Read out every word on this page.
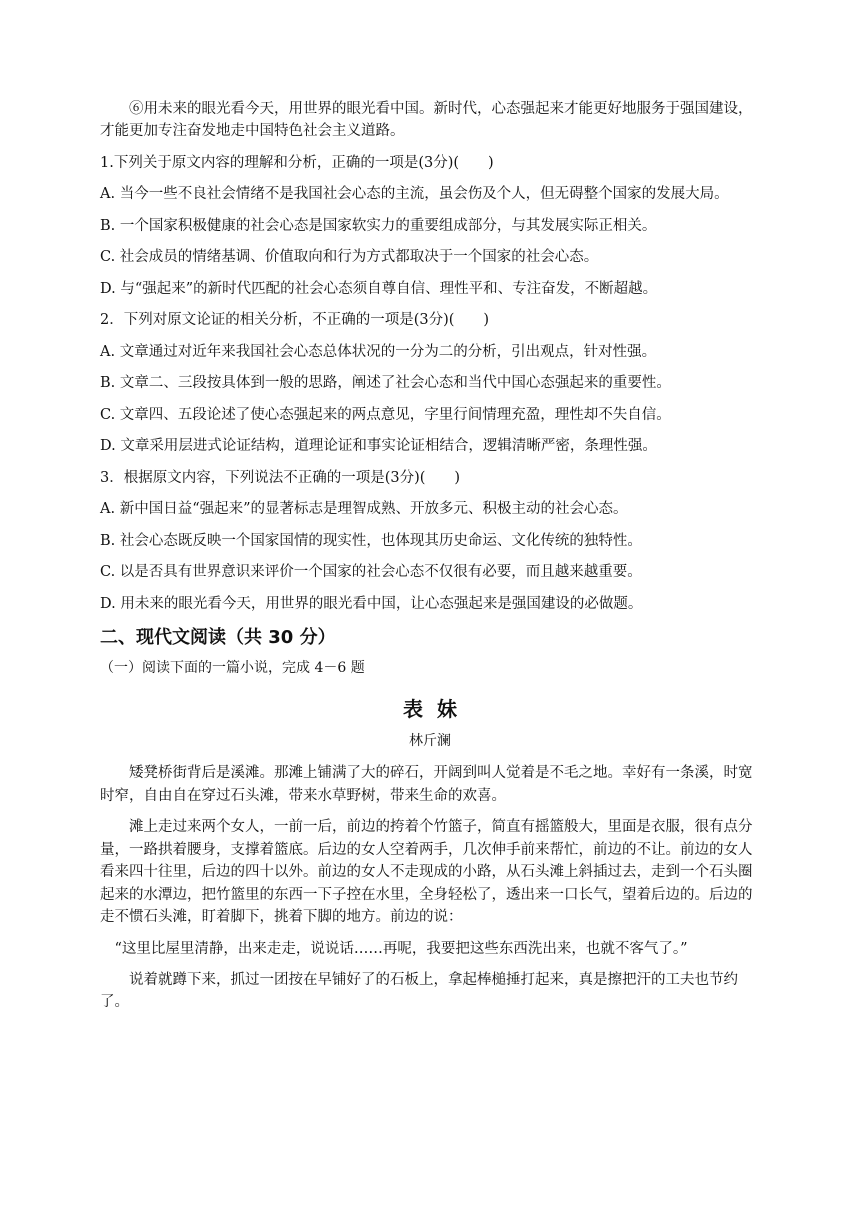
⑥用未来的眼光看今天，用世界的眼光看中国。新时代，心态强起来才能更好地服务于强国建设，才能更加专注奋发地走中国特色社会主义道路。

1.下列关于原文内容的理解和分析，正确的一项是(3分)(　　)

A. 当今一些不良社会情绪不是我国社会心态的主流，虽会伤及个人，但无碍整个国家的发展大局。

B. 一个国家积极健康的社会心态是国家软实力的重要组成部分，与其发展实际正相关。

C. 社会成员的情绪基调、价值取向和行为方式都取决于一个国家的社会心态。

D. 与“强起来”的新时代匹配的社会心态须自尊自信、理性平和、专注奋发，不断超越。

2．下列对原文论证的相关分析，不正确的一项是(3分)(　　)

A. 文章通过对近年来我国社会心态总体状况的一分为二的分析，引出观点，针对性强。

B. 文章二、三段按具体到一般的思路，阐述了社会心态和当代中国心态强起来的重要性。

C. 文章四、五段论述了使心态强起来的两点意见，字里行间情理充盈，理性却不失自信。

D. 文章采用层进式论证结构，道理论证和事实论证相结合，逻辑清晰严密，条理性强。

3．根据原文内容，下列说法不正确的一项是(3分)(　　)

A. 新中国日益“强起来”的显著标志是理智成熟、开放多元、积极主动的社会心态。

B. 社会心态既反映一个国家国情的现实性，也体现其历史命运、文化传统的独特性。

C. 以是否具有世界意识来评价一个国家的社会心态不仅很有必要，而且越来越重要。

D. 用未来的眼光看今天，用世界的眼光看中国，让心态强起来是强国建设的必做题。

二、现代文阅读（共 30 分）

（一）阅读下面的一篇小说，完成 4－6 题

表妹

林斤澜

矮凳桥街背后是溪滩。那滩上铺满了大的碎石，开阔到叫人觉着是不毛之地。幸好有一条溪，时宽时窄，自由自在穿过石头滩，带来水草野树，带来生命的欢喜。

滩上走过来两个女人，一前一后，前边的挎着个竹篮子，简直有摇篮般大，里面是衣服，很有点分量，一路拱着腰身，支撑着篮底。后边的女人空着两手，几次伸手前来帮忙，前边的不让。前边的女人看来四十往里，后边的四十以外。前边的女人不走现成的小路，从石头滩上斜插过去，走到一个石头圈起来的水潭边，把竹篮里的东西一下子控在水里，全身轻松了，透出来一口长气，望着后边的。后边的走不惯石头滩，盯着脚下，挑着下脚的地方。前边的说：

“这里比屋里清静，出来走走，说说话……再呢，我要把这些东西洗出来，也就不客气了。”

说着就蹲下来，抓过一团按在早铺好了的石板上，拿起棒槌捶打起来，真是擦把汗的工夫也节约了。
